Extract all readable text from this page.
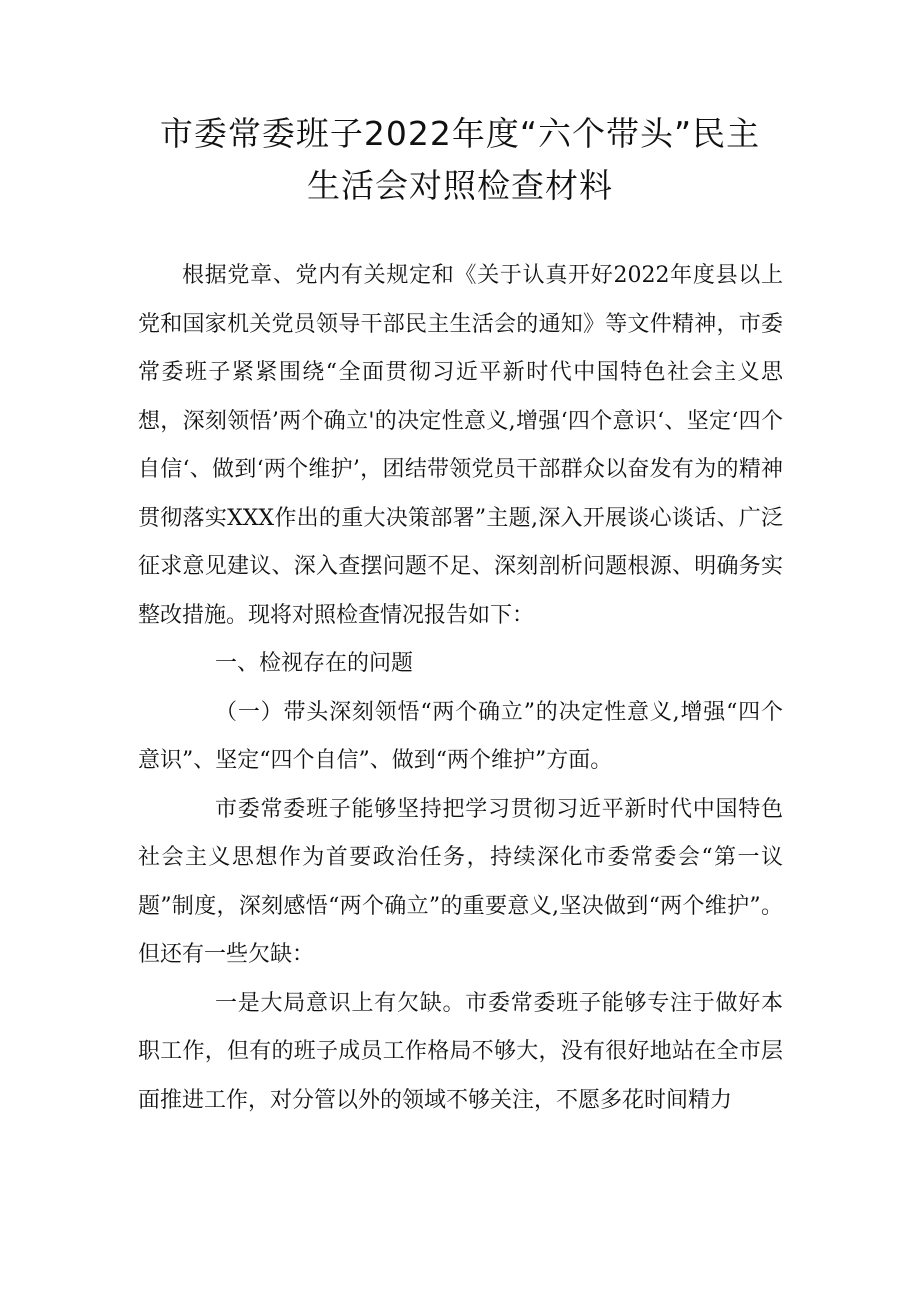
市委常委班子2022年度“六个带头”民主
生活会对照检查材料

根据党章、党内有关规定和《关于认真开好2022年度县以上党和国家机关党员领导干部民主生活会的通知》等文件精神，市委常委班子紧紧围绕“全面贯彻习近平新时代中国特色社会主义思想，深刻领悟’两个确立'的决定性意义,增强‘四个意识‘、坚定‘四个自信‘、做到‘两个维护’，团结带领党员干部群众以奋发有为的精神贯彻落实XXX作出的重大决策部署”主题,深入开展谈心谈话、广泛征求意见建议、深入查摆问题不足、深刻剖析问题根源、明确务实整改措施。现将对照检查情况报告如下：

一、检视存在的问题

（一）带头深刻领悟“两个确立”的决定性意义,增强“四个意识”、坚定“四个自信”、做到“两个维护”方面。

市委常委班子能够坚持把学习贯彻习近平新时代中国特色社会主义思想作为首要政治任务，持续深化市委常委会“第一议题”制度，深刻感悟“两个确立”的重要意义,坚决做到“两个维护”。但还有一些欠缺：

一是大局意识上有欠缺。市委常委班子能够专注于做好本职工作，但有的班子成员工作格局不够大，没有很好地站在全市层面推进工作，对分管以外的领域不够关注，不愿多花时间精力
